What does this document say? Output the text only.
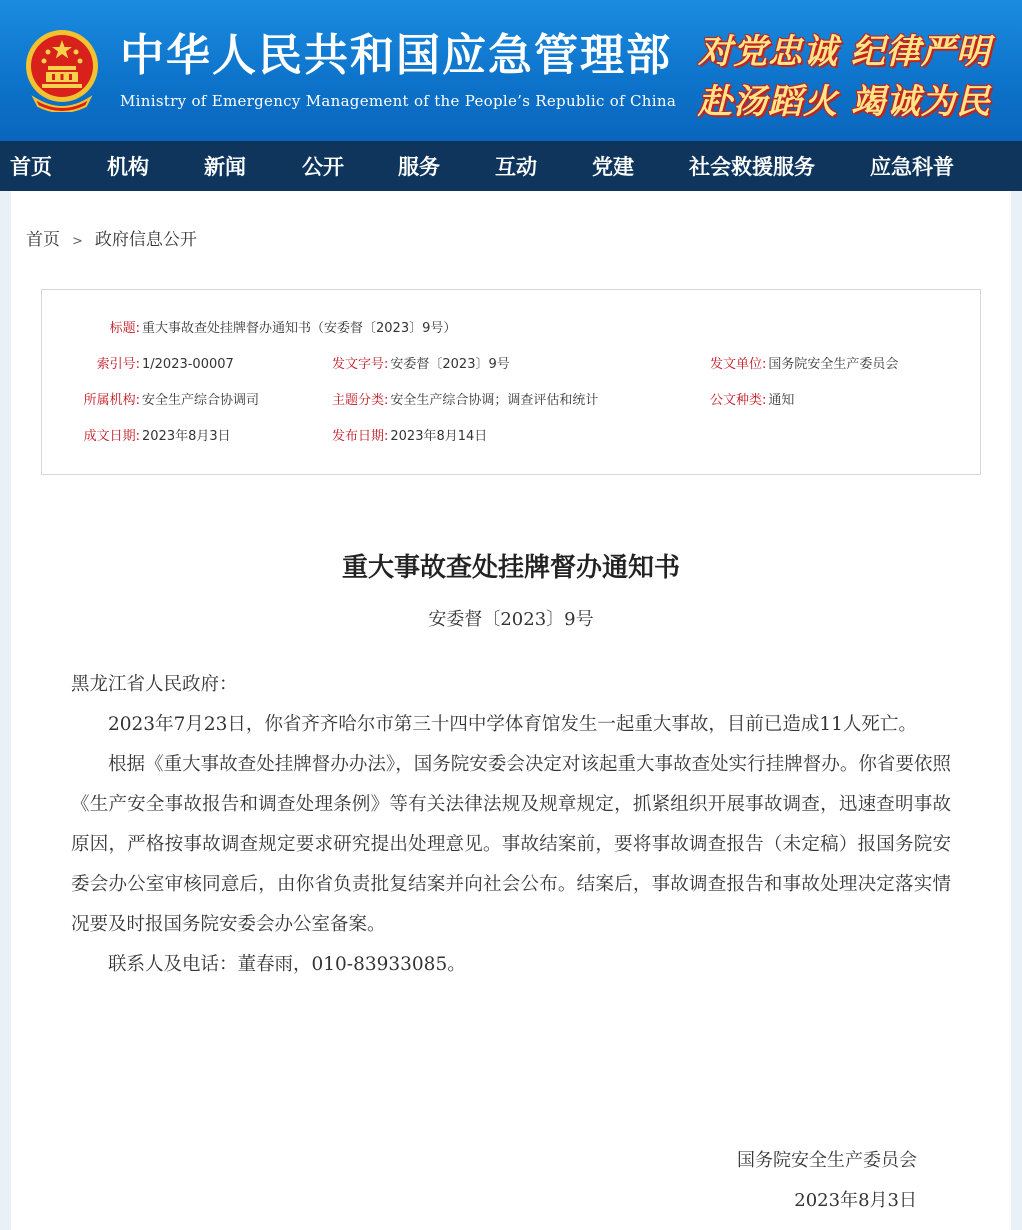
中华人民共和国应急管理部
Ministry of Emergency Management of the People’s Republic of China
对党忠诚 纪律严明
赴汤蹈火 竭诚为民
首页	机构	新闻	公开	服务	互动	党建	社会救援服务	应急科普
首页 > 政府信息公开
标题: 重大事故查处挂牌督办通知书（安委督〔2023〕9号）
索引号: 1/2023-00007	发文字号: 安委督〔2023〕9号	发文单位: 国务院安全生产委员会
所属机构: 安全生产综合协调司	主题分类: 安全生产综合协调；调查评估和统计	公文种类: 通知
成文日期: 2023年8月3日	发布日期: 2023年8月14日
重大事故查处挂牌督办通知书
安委督〔2023〕9号

黑龙江省人民政府：

2023年7月23日，你省齐齐哈尔市第三十四中学体育馆发生一起重大事故，目前已造成11人死亡。

根据《重大事故查处挂牌督办办法》，国务院安委会决定对该起重大事故查处实行挂牌督办。你省要依照《生产安全事故报告和调查处理条例》等有关法律法规及规章规定，抓紧组织开展事故调查，迅速查明事故原因，严格按事故调查规定要求研究提出处理意见。事故结案前，要将事故调查报告（未定稿）报国务院安委会办公室审核同意后，由你省负责批复结案并向社会公布。结案后，事故调查报告和事故处理决定落实情况要及时报国务院安委会办公室备案。

联系人及电话：董春雨，010-83933085。

国务院安全生产委员会
2023年8月3日
